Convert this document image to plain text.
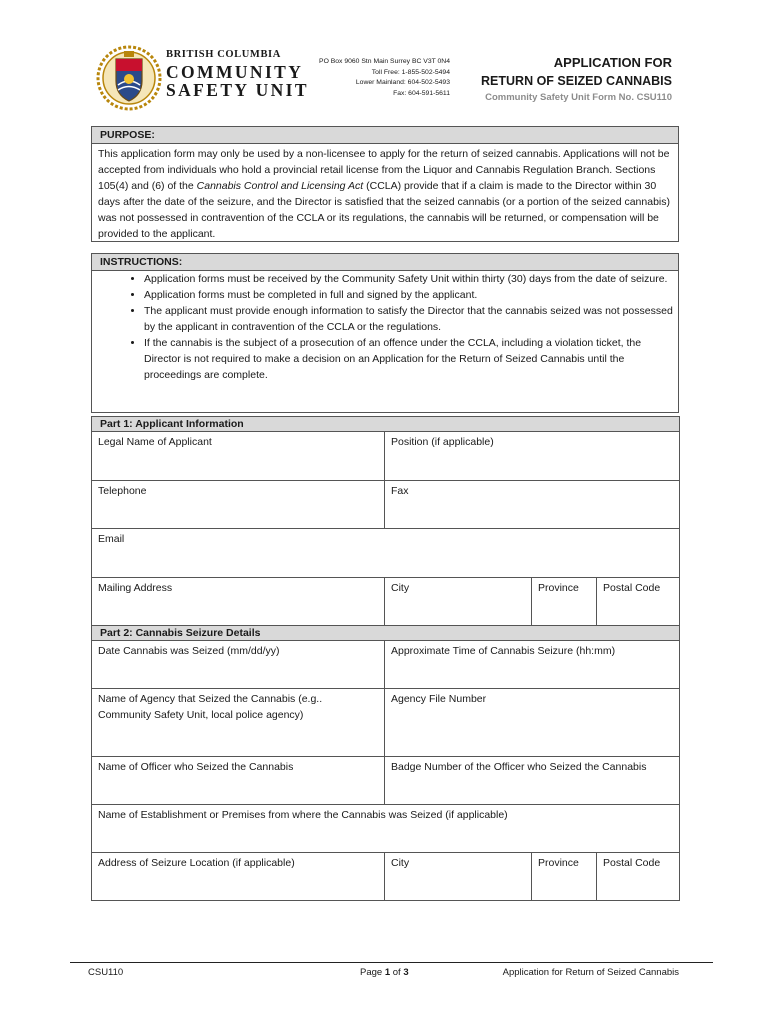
BRITISH COLUMBIA
COMMUNITY
SAFETY UNIT
PO Box 9060 Stn Main Surrey BC V3T 0N4
Toll Free: 1-855-502-5494
Lower Mainland: 604-502-5493
Fax: 604-591-5611
APPLICATION FOR
RETURN OF SEIZED CANNABIS
Community Safety Unit Form No. CSU110
PURPOSE:
This application form may only be used by a non-licensee to apply for the return of seized cannabis. Applications will not be accepted from individuals who hold a provincial retail license from the Liquor and Cannabis Regulation Branch. Sections 105(4) and (6) of the Cannabis Control and Licensing Act (CCLA) provide that if a claim is made to the Director within 30 days after the date of the seizure, and the Director is satisfied that the seized cannabis (or a portion of the seized cannabis) was not possessed in contravention of the CCLA or its regulations, the cannabis will be returned, or compensation will be provided to the applicant.
INSTRUCTIONS:
• Application forms must be received by the Community Safety Unit within thirty (30) days from the date of seizure.
• Application forms must be completed in full and signed by the applicant.
• The applicant must provide enough information to satisfy the Director that the cannabis seized was not possessed by the applicant in contravention of the CCLA or the regulations.
• If the cannabis is the subject of a prosecution of an offence under the CCLA, including a violation ticket, the Director is not required to make a decision on an Application for the Return of Seized Cannabis until the proceedings are complete.
Part 1: Applicant Information			
Legal Name of Applicant	Position (if applicable)		
Telephone	Fax		
Email			
Mailing Address	City	Province	Postal Code
Part 2: Cannabis Seizure Details			
Date Cannabis was Seized (mm/dd/yy)	Approximate Time of Cannabis Seizure (hh:mm)		
Name of Agency that Seized the Cannabis (e.g.. Community Safety Unit, local police agency)	Agency File Number		
Name of Officer who Seized the Cannabis	Badge Number of the Officer who Seized the Cannabis		
Name of Establishment or Premises from where the Cannabis was Seized (if applicable)			
Address of Seizure Location (if applicable)	City	Province	Postal Code
CSU110	Page 1 of 3	Application for Return of Seized Cannabis
